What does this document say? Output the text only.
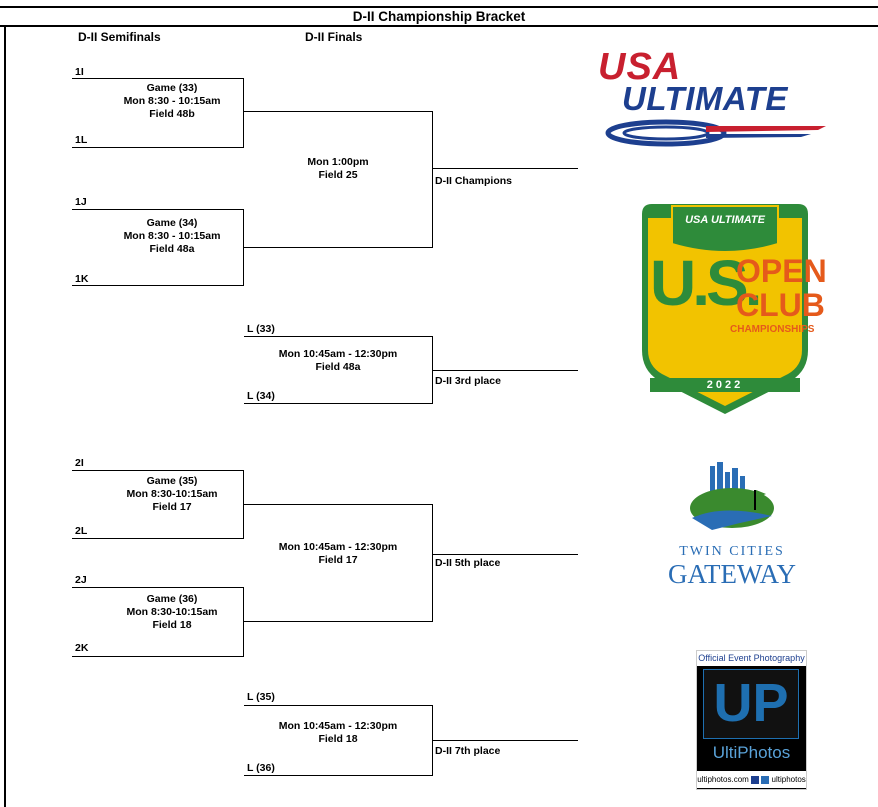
D-II Championship Bracket
D-II Semifinals	D-II Finals
1I
Game (33)
Mon 8:30 - 10:15am
Field 48b
1L
1J
Game (34)
Mon 8:30 - 10:15am
Field 48a
1K
Mon 1:00pm
Field 25	D-II Champions
L (33)
Mon 10:45am - 12:30pm
Field 48a
L (34)
D-II 3rd place
2I
Game (35)
Mon 8:30-10:15am
Field 17
2L
2J
Game (36)
Mon 8:30-10:15am
Field 18
2K
Mon 10:45am - 12:30pm
Field 17	D-II 5th place
L (35)
Mon 10:45am - 12:30pm
Field 18
L (36)
D-II 7th place
USA
ULTIMATE
USA ULTIMATE
U.S.
OPEN
CLUB
CHAMPIONSHIPS
2022
TWIN CITIES
GATEWAY
Official Event Photography
UP
UltiPhotos
ultiphotos.com	ultiphotos
